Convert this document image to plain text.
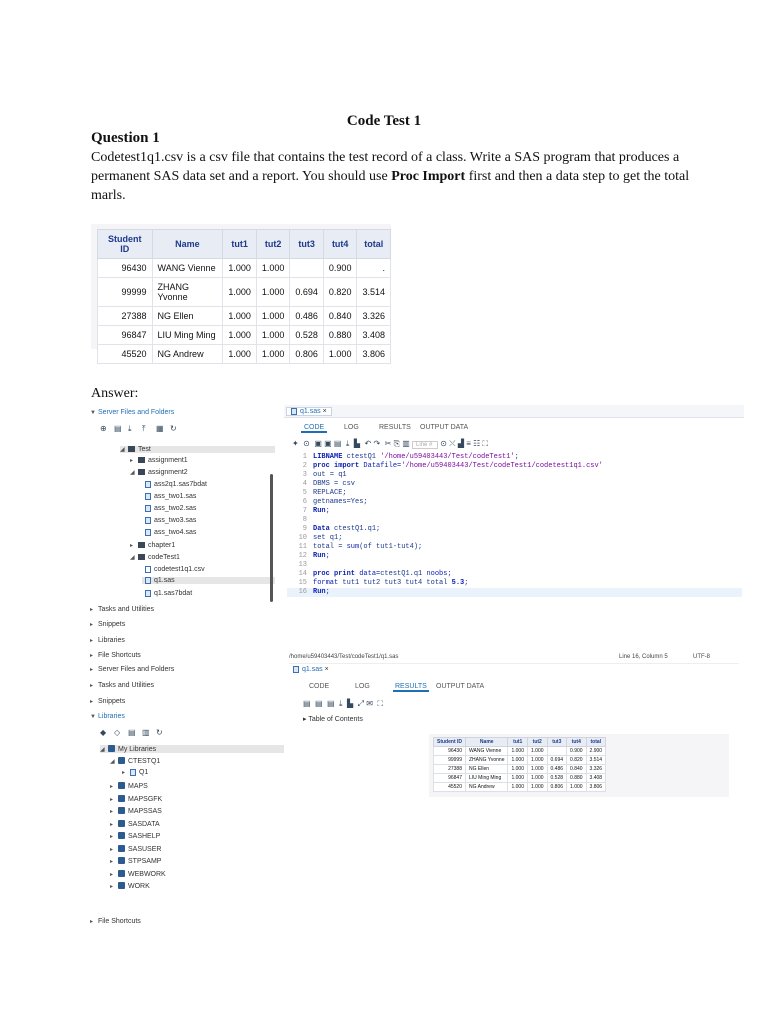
Code Test 1
Question 1
Codetest1q1.csv is a csv file that contains the test record of a class. Write a SAS program that produces a permanent SAS data set and a report. You should use Proc Import first and then a data step to get the total marls.
Student ID	Name	tut1	tut2	tut3	tut4	total
96430	WANG Vienne	1.000	1.000		0.900	.
99999	ZHANG Yvonne	1.000	1.000	0.694	0.820	3.514
27388	NG Ellen	1.000	1.000	0.486	0.840	3.326
96847	LIU Ming Ming	1.000	1.000	0.528	0.880	3.408
45520	NG Andrew	1.000	1.000	0.806	1.000	3.806
Answer:
▼ Server Files and Folders
⊕ ▤ ⤓ ⤒ ▦ ↻
◢ Test
▸ assignment1
◢ assignment2
ass2q1.sas7bdat
ass_two1.sas
ass_two2.sas
ass_two3.sas
ass_two4.sas
▸ chapter1
◢ codeTest1
codetest1q1.csv
q1.sas
q1.sas7bdat
▸ Tasks and Utilities
▸ Snippets
▸ Libraries
▸ File Shortcuts
▸ Server Files and Folders
▸ Tasks and Utilities
▸ Snippets
▼ Libraries
◆ ◇ ▤ ▥ ↻
◢ My Libraries
◢ CTESTQ1
▸ Q1
▸ MAPS
▸ MAPSGFK
▸ MAPSSAS
▸ SASDATA
▸ SASHELP
▸ SASUSER
▸ STPSAMP
▸ WEBWORK
▸ WORK
▸ File Shortcuts
q1.sas ×
CODE	LOG	RESULTS OUTPUT DATA
✦ ⊙ ▣ ▣ ▤ ⤓ ▙ ↶ ↷ ✂ ⎘ ▥ Line # ⊙ ⤬ ▟ ≡ ☷ ⛶
1 LIBNAME ctestQ1 '/home/u59403443/Test/codeTest1';
2 proc import Datafile='/home/u59403443/Test/codeTest1/codetest1q1.csv'
3 out = q1
4 DBMS = csv
5 REPLACE;
6 getnames=Yes;
7 Run;
8
9 Data ctestQ1.q1;
10 set q1;
11 total = sum(of tut1-tut4);
12 Run;
13
14 proc print data=ctestQ1.q1 noobs;
15 format tut1 tut2 tut3 tut4 total 5.3;
16 Run;
/home/u59403443/Test/codeTest1/q1.sas	Line 16, Column 5	UTF-8
q1.sas ×
CODE	LOG	RESULTS OUTPUT DATA
▤ ▤ ▤ ⤓ ▙ ⤢ ✉ ⛶
▸ Table of Contents
Student ID	Name	tut1	tut2	tut3	tut4	total
96430	WANG Vienne	1.000	1.000		0.900	2.900
99999	ZHANG Yvonne	1.000	1.000	0.694	0.820	3.514
27388	NG Ellen	1.000	1.000	0.486	0.840	3.326
96847	LIU Ming Ming	1.000	1.000	0.528	0.880	3.408
45520	NG Andrew	1.000	1.000	0.806	1.000	3.806
